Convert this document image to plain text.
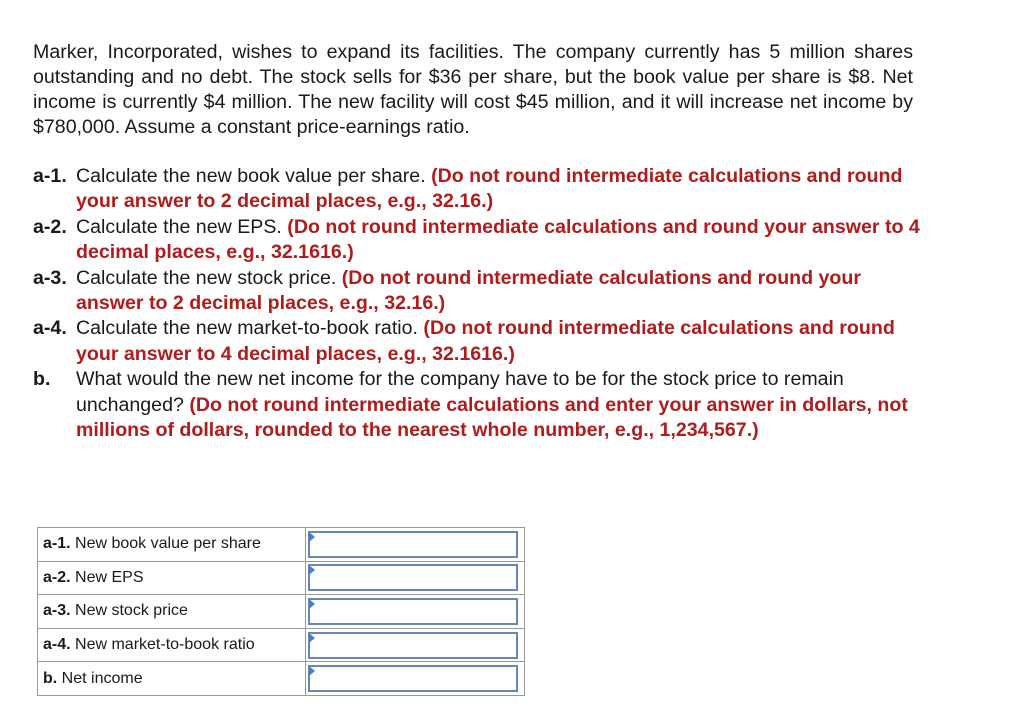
Marker, Incorporated, wishes to expand its facilities. The company currently has 5 million shares outstanding and no debt. The stock sells for $36 per share, but the book value per share is $8. Net income is currently $4 million. The new facility will cost $45 million, and it will increase net income by $780,000. Assume a constant price-earnings ratio.

a-1. Calculate the new book value per share. (Do not round intermediate calculations and round your answer to 2 decimal places, e.g., 32.16.)
a-2. Calculate the new EPS. (Do not round intermediate calculations and round your answer to 4 decimal places, e.g., 32.1616.)
a-3. Calculate the new stock price. (Do not round intermediate calculations and round your answer to 2 decimal places, e.g., 32.16.)
a-4. Calculate the new market-to-book ratio. (Do not round intermediate calculations and round your answer to 4 decimal places, e.g., 32.1616.)
b. What would the new net income for the company have to be for the stock price to remain unchanged? (Do not round intermediate calculations and enter your answer in dollars, not millions of dollars, rounded to the nearest whole number, e.g., 1,234,567.)
a-1. New book value per share	

a-2. New EPS	

a-3. New stock price	

a-4. New market-to-book ratio	

b. Net income	
